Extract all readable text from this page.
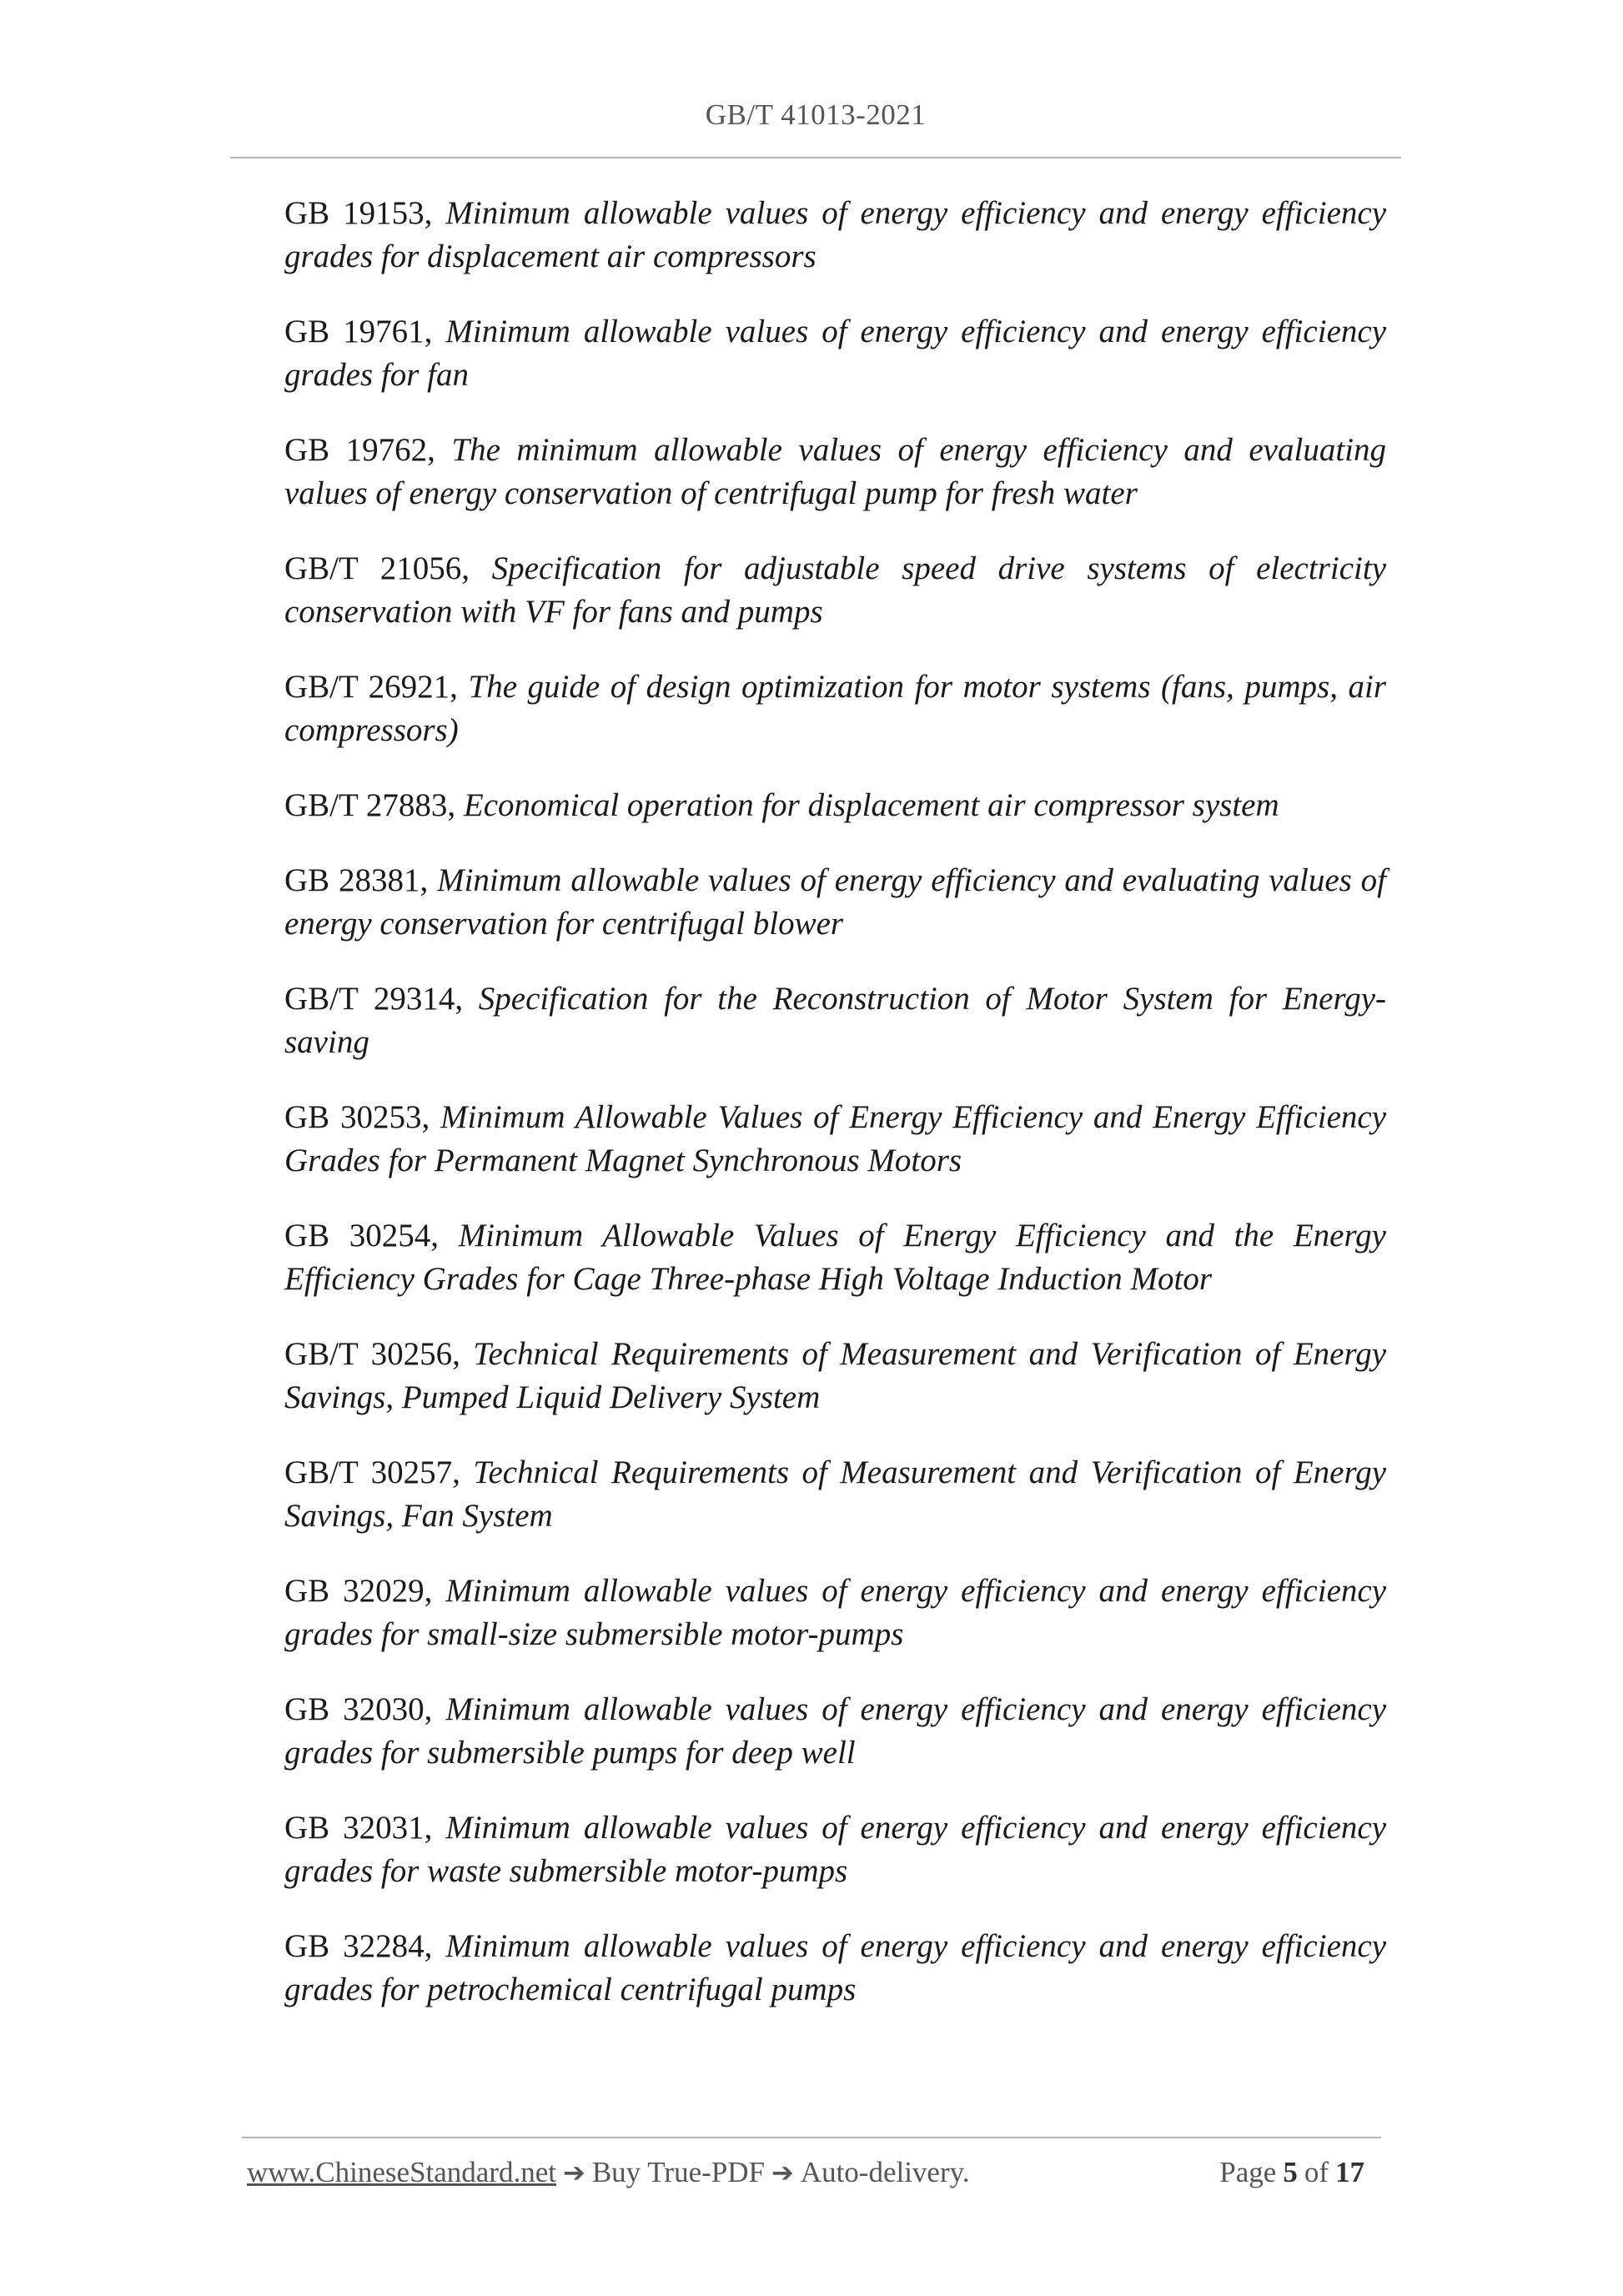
GB/T 41013-2021
GB 19153, Minimum allowable values of energy efficiency and energy efficiency grades for displacement air compressors
GB 19761, Minimum allowable values of energy efficiency and energy efficiency grades for fan
GB 19762, The minimum allowable values of energy efficiency and evaluating values of energy conservation of centrifugal pump for fresh water
GB/T 21056, Specification for adjustable speed drive systems of electricity conservation with VF for fans and pumps
GB/T 26921, The guide of design optimization for motor systems (fans, pumps, air compressors)
GB/T 27883, Economical operation for displacement air compressor system
GB 28381, Minimum allowable values of energy efficiency and evaluating values of energy conservation for centrifugal blower
GB/T 29314, Specification for the Reconstruction of Motor System for Energy-saving
GB 30253, Minimum Allowable Values of Energy Efficiency and Energy Efficiency Grades for Permanent Magnet Synchronous Motors
GB 30254, Minimum Allowable Values of Energy Efficiency and the Energy Efficiency Grades for Cage Three-phase High Voltage Induction Motor
GB/T 30256, Technical Requirements of Measurement and Verification of Energy Savings, Pumped Liquid Delivery System
GB/T 30257, Technical Requirements of Measurement and Verification of Energy Savings, Fan System
GB 32029, Minimum allowable values of energy efficiency and energy efficiency grades for small-size submersible motor-pumps
GB 32030, Minimum allowable values of energy efficiency and energy efficiency grades for submersible pumps for deep well
GB 32031, Minimum allowable values of energy efficiency and energy efficiency grades for waste submersible motor-pumps
GB 32284, Minimum allowable values of energy efficiency and energy efficiency grades for petrochemical centrifugal pumps
www.ChineseStandard.net ➔ Buy True-PDF ➔ Auto-delivery.	Page 5 of 17
